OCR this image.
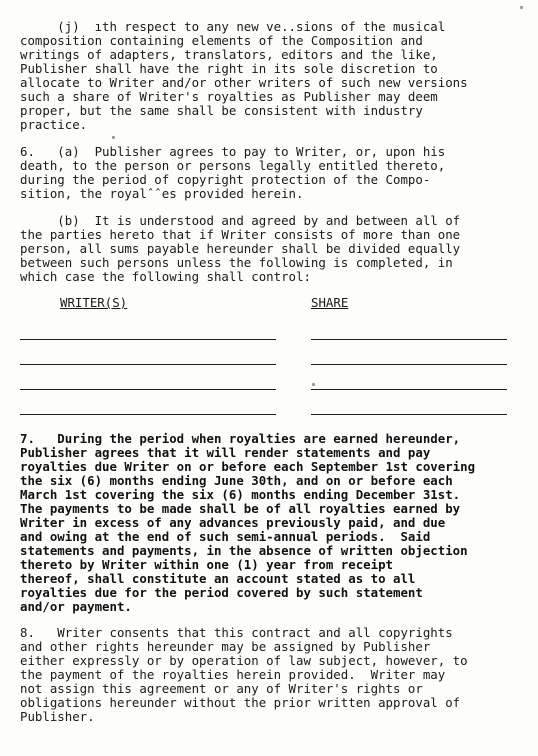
(j)  ıth respect to any new ve..sions of the musical
composition containing elements of the Composition and
writings of adapters, translators, editors and the like,
Publisher shall have the right in its sole discretion to
allocate to Writer and/or other writers of such new versions
such a share of Writer's royalties as Publisher may deem
proper, but the same shall be consistent with industry
practice.
6.   (a)  Publisher agrees to pay to Writer, or, upon his
death, to the person or persons legally entitled thereto,
during the period of copyright protection of the Compo-
sition, the royalˆˆes provided herein.
(b)  It is understood and agreed by and between all of
the parties hereto that if Writer consists of more than one
person, all sums payable hereunder shall be divided equally
between such persons unless the following is completed, in
which case the following shall control:
WRITER(S)	SHARE
7.   During the period when royalties are earned hereunder,
Publisher agrees that it will render statements and pay
royalties due Writer on or before each September 1st covering
the six (6) months ending June 30th, and on or before each
March 1st covering the six (6) months ending December 31st.
The payments to be made shall be of all royalties earned by
Writer in excess of any advances previously paid, and due
and owing at the end of such semi-annual periods.  Said
statements and payments, in the absence of written objection
thereto by Writer within one (1) year from receipt
thereof, shall constitute an account stated as to all
royalties due for the period covered by such statement
and/or payment.
8.   Writer consents that this contract and all copyrights
and other rights hereunder may be assigned by Publisher
either expressly or by operation of law subject, however, to
the payment of the royalties herein provided.  Writer may
not assign this agreement or any of Writer's rights or
obligations hereunder without the prior written approval of
Publisher.
